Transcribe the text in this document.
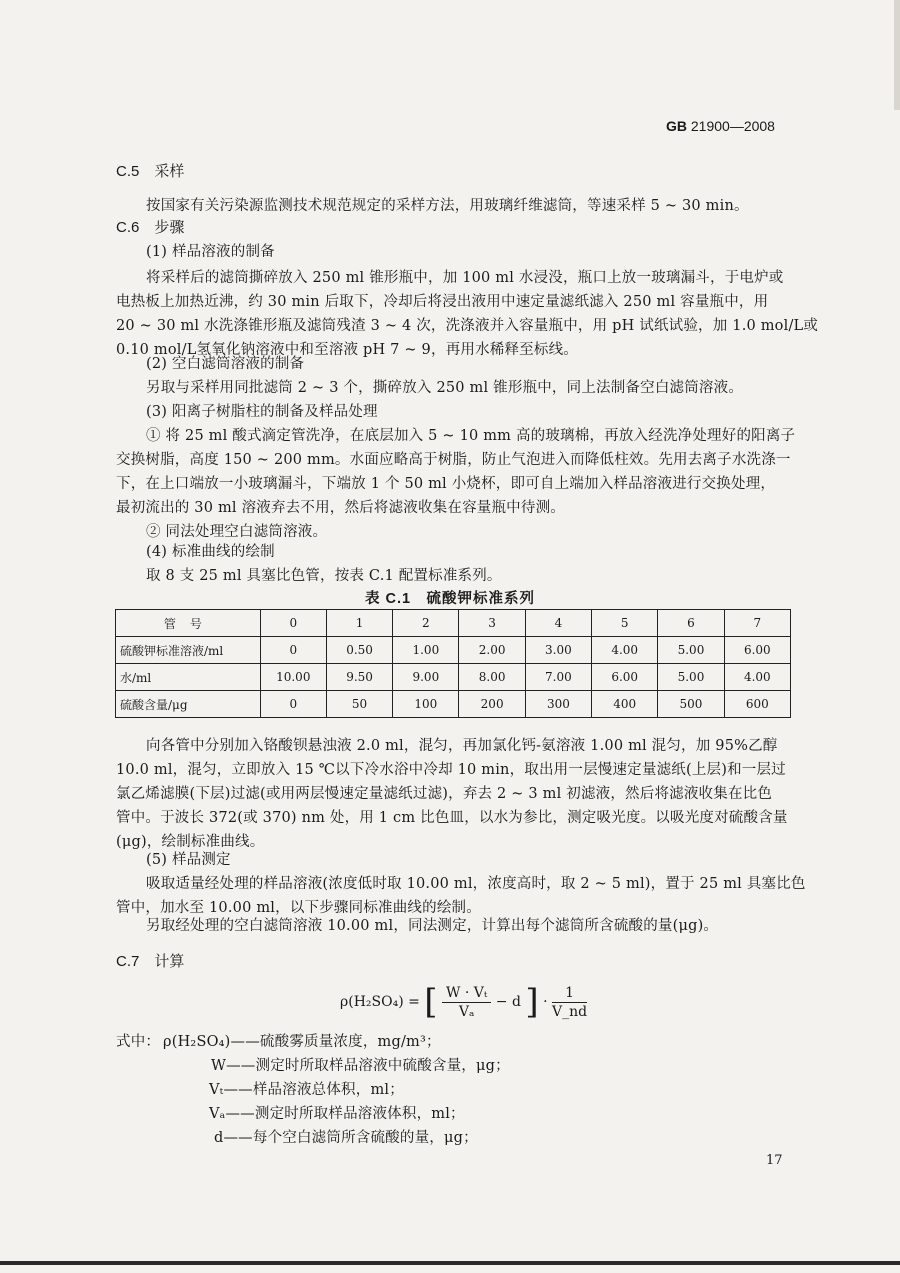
GB 21900—2008
C.5　采样
按国家有关污染源监测技术规范规定的采样方法，用玻璃纤维滤筒，等速采样 5 ~ 30 min。
C.6　步骤
(1) 样品溶液的制备
将采样后的滤筒撕碎放入 250 ml 锥形瓶中，加 100 ml 水浸没，瓶口上放一玻璃漏斗，于电炉或
电热板上加热近沸，约 30 min 后取下，冷却后将浸出液用中速定量滤纸滤入 250 ml 容量瓶中，用
20 ~ 30 ml 水洗涤锥形瓶及滤筒残渣 3 ~ 4 次，洗涤液并入容量瓶中，用 pH 试纸试验，加 1.0 mol/L或
0.10 mol/L氢氧化钠溶液中和至溶液 pH 7 ~ 9，再用水稀释至标线。
(2) 空白滤筒溶液的制备
另取与采样用同批滤筒 2 ~ 3 个，撕碎放入 250 ml 锥形瓶中，同上法制备空白滤筒溶液。
(3) 阳离子树脂柱的制备及样品处理
① 将 25 ml 酸式滴定管洗净，在底层加入 5 ~ 10 mm 高的玻璃棉，再放入经洗净处理好的阳离子
交换树脂，高度 150 ~ 200 mm。水面应略高于树脂，防止气泡进入而降低柱效。先用去离子水洗涤一
下，在上口端放一小玻璃漏斗，下端放 1 个 50 ml 小烧杯，即可自上端加入样品溶液进行交换处理，
最初流出的 30 ml 溶液弃去不用，然后将滤液收集在容量瓶中待测。
② 同法处理空白滤筒溶液。
(4) 标准曲线的绘制
取 8 支 25 ml 具塞比色管，按表 C.1 配置标准系列。
表 C.1　硫酸钾标准系列
管号	0	1	2	3	4	5	6	7
硫酸钾标准溶液/ml	0	0.50	1.00	2.00	3.00	4.00	5.00	6.00
水/ml	10.00	9.50	9.00	8.00	7.00	6.00	5.00	4.00
硫酸含量/μg	0	50	100	200	300	400	500	600
向各管中分别加入铬酸钡悬浊液 2.0 ml，混匀，再加氯化钙-氨溶液 1.00 ml 混匀，加 95%乙醇
10.0 ml，混匀，立即放入 15 ℃以下冷水浴中冷却 10 min，取出用一层慢速定量滤纸(上层)和一层过
氯乙烯滤膜(下层)过滤(或用两层慢速定量滤纸过滤)，弃去 2 ~ 3 ml 初滤液，然后将滤液收集在比色
管中。于波长 372(或 370) nm 处，用 1 cm 比色皿，以水为参比，测定吸光度。以吸光度对硫酸含量
(μg)，绘制标准曲线。
(5) 样品测定
吸取适量经处理的样品溶液(浓度低时取 10.00 ml，浓度高时，取 2 ~ 5 ml)，置于 25 ml 具塞比色
管中，加水至 10.00 ml，以下步骤同标准曲线的绘制。
另取经处理的空白滤筒溶液 10.00 ml，同法测定，计算出每个滤筒所含硫酸的量(μg)。
C.7　计算
ρ(H₂SO₄) = [ $\frac{\text{W · Vₜ}}{\text{Vₐ}} - d$ ] · $\frac{1}{V\_nd}$
式中： ρ(H₂SO₄)——硫酸雾质量浓度，mg/m³；
W——测定时所取样品溶液中硫酸含量，μg；
Vₜ——样品溶液总体积，ml；
Vₐ——测定时所取样品溶液体积，ml；
d——每个空白滤筒所含硫酸的量，μg；
17
